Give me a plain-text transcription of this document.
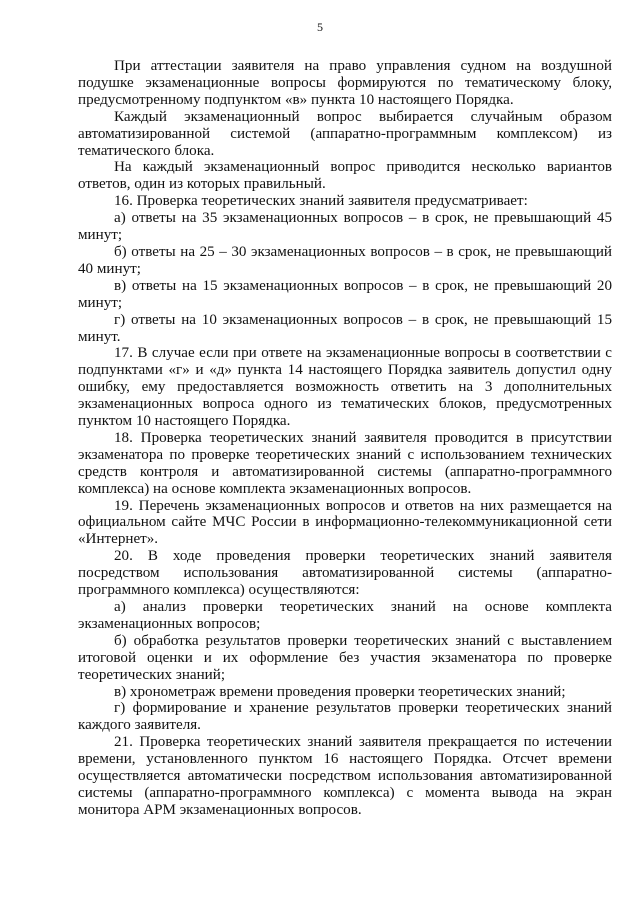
5

При аттестации заявителя на право управления судном на воздушной подушке экзаменационные вопросы формируются по тематическому блоку, предусмотренному подпунктом «в» пункта 10 настоящего Порядка.

Каждый экзаменационный вопрос выбирается случайным образом автоматизированной системой (аппаратно-программным комплексом) из тематического блока.

На каждый экзаменационный вопрос приводится несколько вариантов ответов, один из которых правильный.

16. Проверка теоретических знаний заявителя предусматривает:

а) ответы на 35 экзаменационных вопросов – в срок, не превышающий 45 минут;

б) ответы на 25 – 30 экзаменационных вопросов – в срок, не превышающий 40 минут;

в) ответы на 15 экзаменационных вопросов – в срок, не превышающий 20 минут;

г) ответы на 10 экзаменационных вопросов – в срок, не превышающий 15 минут.

17. В случае если при ответе на экзаменационные вопросы в соответствии с подпунктами «г» и «д» пункта 14 настоящего Порядка заявитель допустил одну ошибку, ему предоставляется возможность ответить на 3 дополнительных экзаменационных вопроса одного из тематических блоков, предусмотренных пунктом 10 настоящего Порядка.

18. Проверка теоретических знаний заявителя проводится в присутствии экзаменатора по проверке теоретических знаний с использованием технических средств контроля и автоматизированной системы (аппаратно-программного комплекса) на основе комплекта экзаменационных вопросов.

19. Перечень экзаменационных вопросов и ответов на них размещается на официальном сайте МЧС России в информационно-телекоммуникационной сети «Интернет».

20. В ходе проведения проверки теоретических знаний заявителя посредством использования автоматизированной системы (аппаратно-программного комплекса) осуществляются:

а) анализ проверки теоретических знаний на основе комплекта экзаменационных вопросов;

б) обработка результатов проверки теоретических знаний с выставлением итоговой оценки и их оформление без участия экзаменатора по проверке теоретических знаний;

в) хронометраж времени проведения проверки теоретических знаний;

г) формирование и хранение результатов проверки теоретических знаний каждого заявителя.

21. Проверка теоретических знаний заявителя прекращается по истечении времени, установленного пунктом 16 настоящего Порядка. Отсчет времени осуществляется автоматически посредством использования автоматизированной системы (аппаратно-программного комплекса) с момента вывода на экран монитора АРМ экзаменационных вопросов.
